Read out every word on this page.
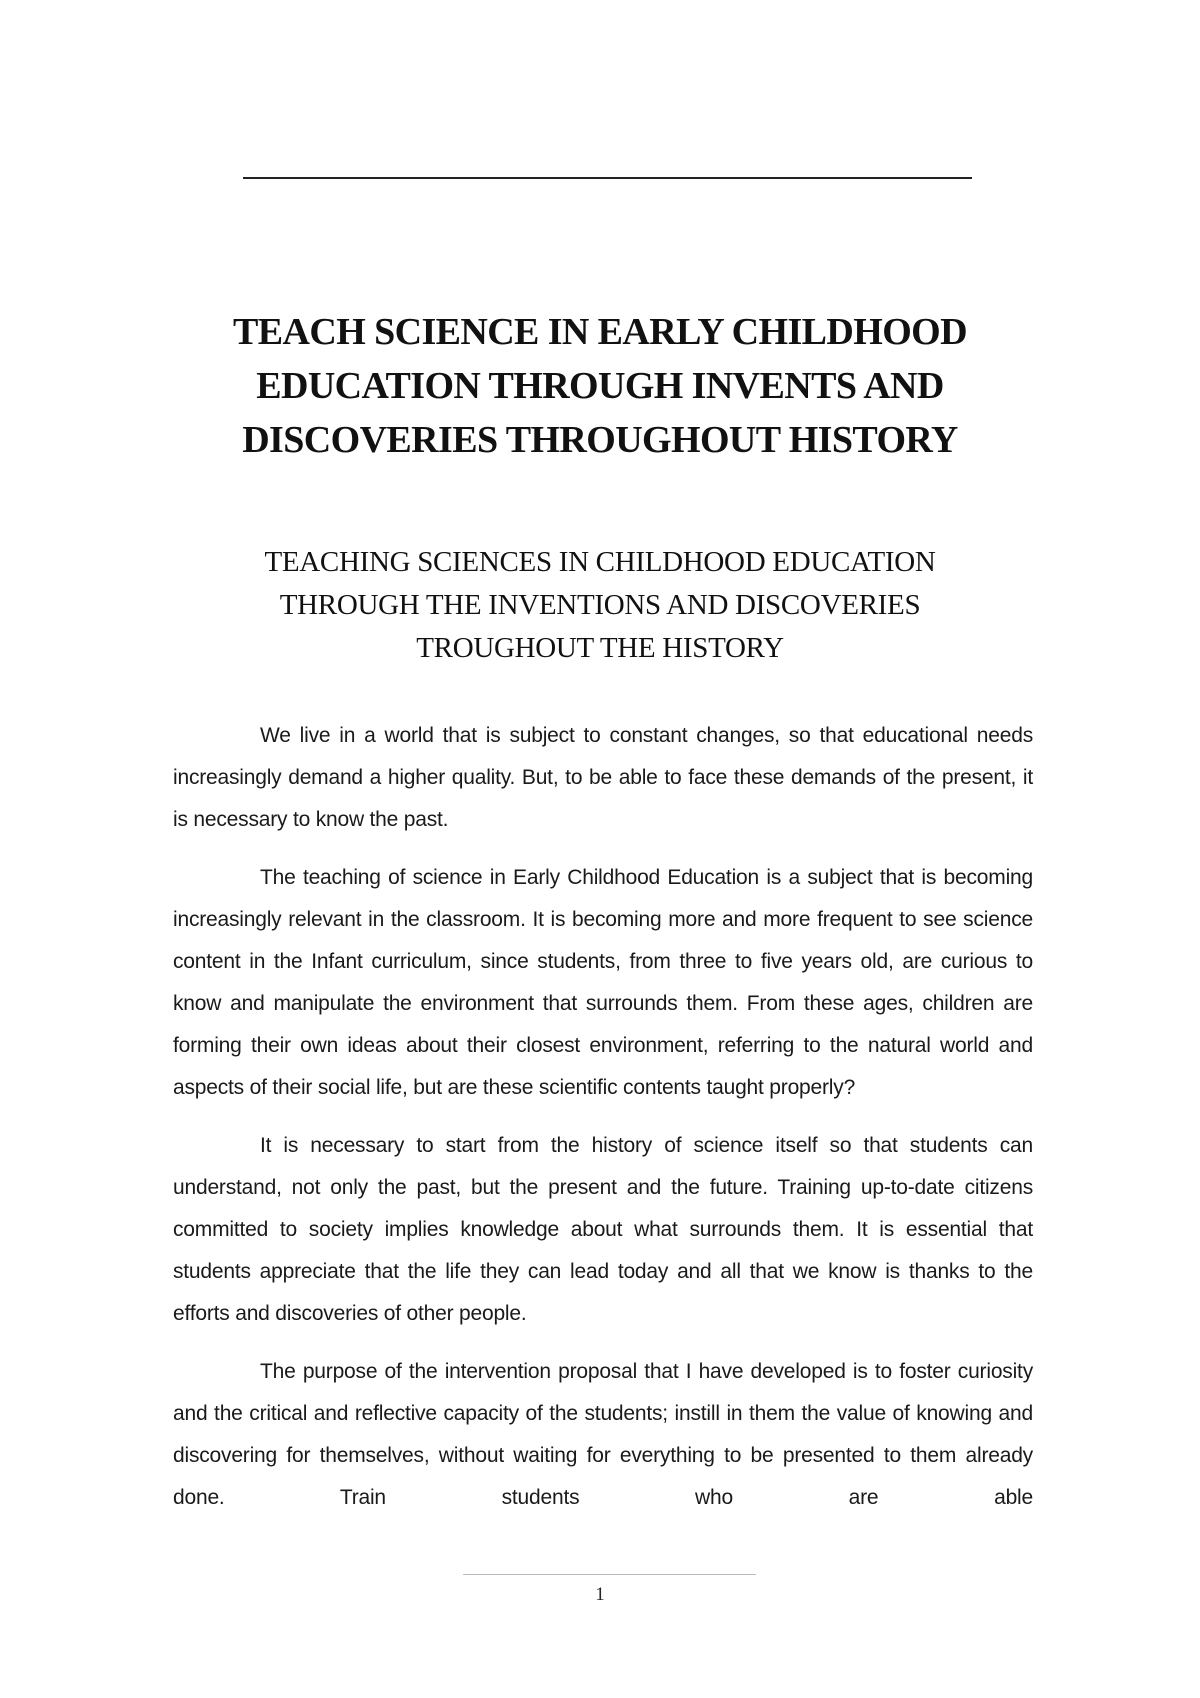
TEACH SCIENCE IN EARLY CHILDHOOD
EDUCATION THROUGH INVENTS AND
DISCOVERIES THROUGHOUT HISTORY
TEACHING SCIENCES IN CHILDHOOD EDUCATION
THROUGH THE INVENTIONS AND DISCOVERIES
TROUGHOUT THE HISTORY

We live in a world that is subject to constant changes, so that educational needs increasingly demand a higher quality. But, to be able to face these demands of the present, it is necessary to know the past.

The teaching of science in Early Childhood Education is a subject that is becoming increasingly relevant in the classroom. It is becoming more and more frequent to see science content in the Infant curriculum, since students, from three to five years old, are curious to know and manipulate the environment that surrounds them. From these ages, children are forming their own ideas about their closest environment, referring to the natural world and aspects of their social life, but are these scientific contents taught properly?

It is necessary to start from the history of science itself so that students can understand, not only the past, but the present and the future. Training up-to-date citizens committed to society implies knowledge about what surrounds them. It is essential that students appreciate that the life they can lead today and all that we know is thanks to the efforts and discoveries of other people.

The purpose of the intervention proposal that I have developed is to foster curiosity and the critical and reflective capacity of the students; instill in them the value of knowing and discovering for themselves, without waiting for everything to be presented to them already done. Train students who are able

1
